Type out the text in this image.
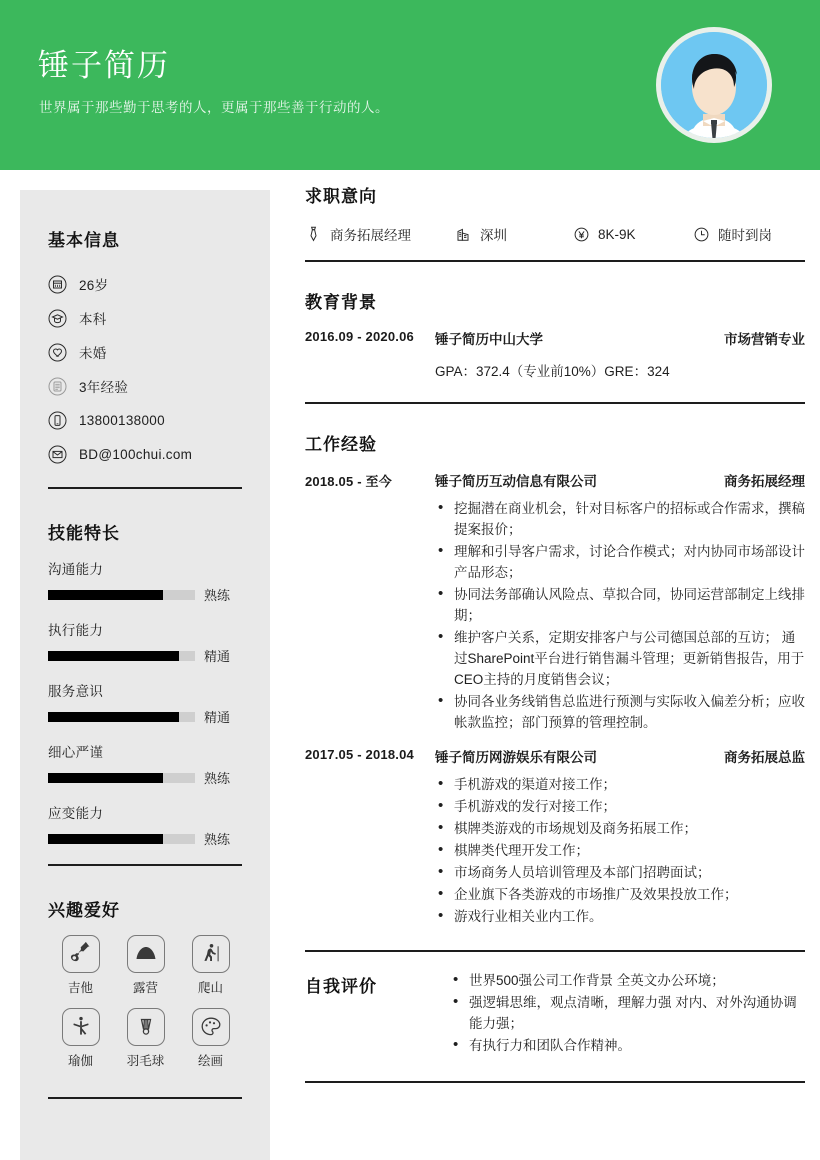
锤子简历
世界属于那些勤于思考的人，更属于那些善于行动的人。
基本信息
26岁
本科
未婚
3年经验
13800138000
BD@100chui.com
技能特长
沟通能力
熟练
执行能力
精通
服务意识
精通
细心严谨
熟练
应变能力
熟练
兴趣爱好
吉他	露营	爬山
瑜伽	羽毛球	绘画
求职意向
商务拓展经理	深圳	8K-9K	随时到岗
教育背景
2016.09 - 2020.06	锤子简历中山大学	市场营销专业
GPA：372.4（专业前10%）GRE：324
工作经验
2018.05 - 至今	锤子简历互动信息有限公司	商务拓展经理
• 挖掘潜在商业机会，针对目标客户的招标或合作需求，撰稿提案报价；
• 理解和引导客户需求，讨论合作模式；对内协同市场部设计产品形态；
• 协同法务部确认风险点、草拟合同，协同运营部制定上线排期；
• 维护客户关系，定期安排客户与公司德国总部的互访； 通过SharePoint平台进行销售漏斗管理；更新销售报告，用于CEO主持的月度销售会议；
• 协同各业务线销售总监进行预测与实际收入偏差分析；应收帐款监控；部门预算的管理控制。
2017.05 - 2018.04	锤子简历网游娱乐有限公司	商务拓展总监
• 手机游戏的渠道对接工作；
• 手机游戏的发行对接工作；
• 棋牌类游戏的市场规划及商务拓展工作；
• 棋牌类代理开发工作；
• 市场商务人员培训管理及本部门招聘面试；
• 企业旗下各类游戏的市场推广及效果投放工作；
• 游戏行业相关业内工作。
自我评价	• 世界500强公司工作背景 全英文办公环境；
• 强逻辑思维，观点清晰，理解力强 对内、对外沟通协调能力强；
• 有执行力和团队合作精神。
